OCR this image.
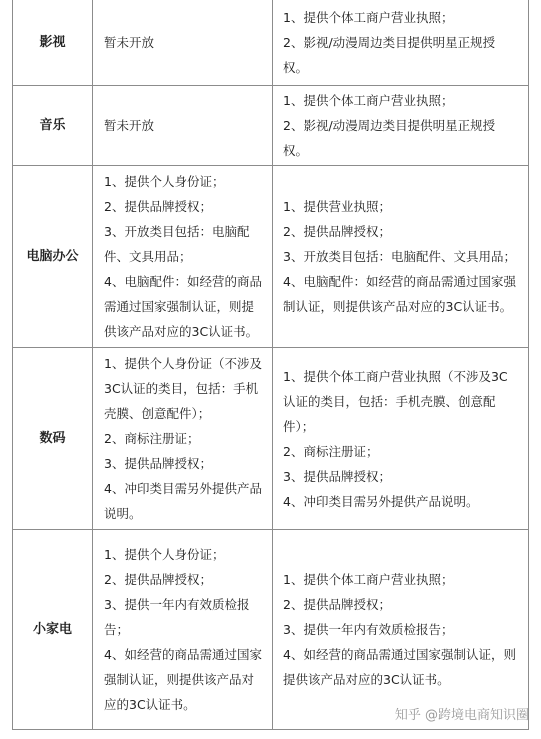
影视	暂未开放
1、提供个体工商户营业执照；
2、影视/动漫周边类目提供明星正规授权。
音乐	暂未开放
1、提供个体工商户营业执照；
2、影视/动漫周边类目提供明星正规授权。
电脑办公
1、提供个人身份证；
2、提供品牌授权；
3、开放类目包括：电脑配件、文具用品；
4、电脑配件：如经营的商品需通过国家强制认证，则提供该产品对应的3C认证书。
1、提供营业执照；
2、提供品牌授权；
3、开放类目包括：电脑配件、文具用品；
4、电脑配件：如经营的商品需通过国家强制认证，则提供该产品对应的3C认证书。
数码
1、提供个人身份证（不涉及3C认证的类目，包括：手机壳膜、创意配件）；
2、商标注册证；
3、提供品牌授权；
4、冲印类目需另外提供产品说明。
1、提供个体工商户营业执照（不涉及3C认证的类目，包括：手机壳膜、创意配件）；
2、商标注册证；
3、提供品牌授权；
4、冲印类目需另外提供产品说明。
小家电
1、提供个人身份证；
2、提供品牌授权；
3、提供一年内有效质检报告；
4、如经营的商品需通过国家强制认证，则提供该产品对应的3C认证书。
1、提供个体工商户营业执照；
2、提供品牌授权；
3、提供一年内有效质检报告；
4、如经营的商品需通过国家强制认证，则提供该产品对应的3C认证书。
知乎 @跨境电商知识圈
